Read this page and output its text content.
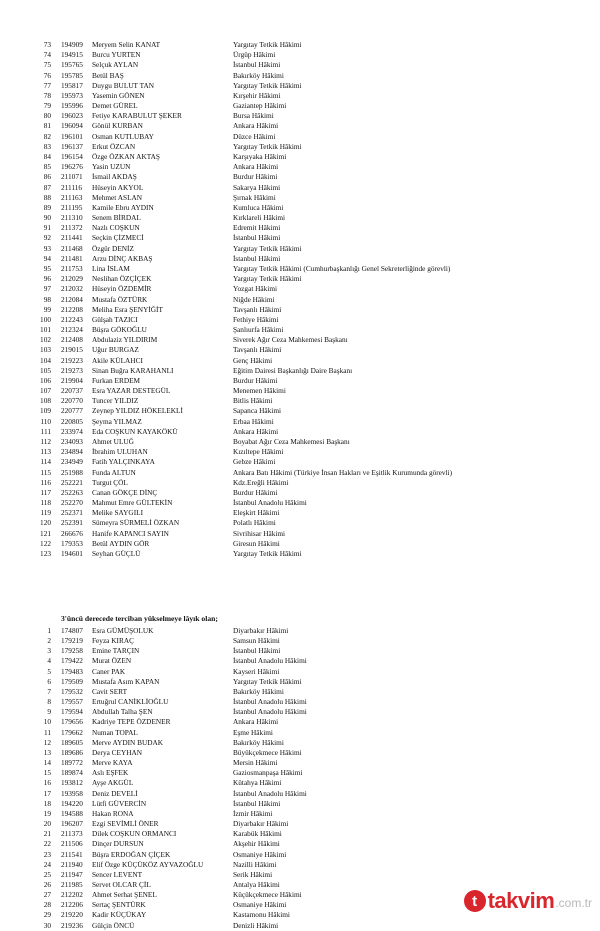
73 194909 Meryem Selin KANAT	Yargıtay Tetkik Hâkimi
74 194915 Burcu YURTEN	Ürgüp Hâkimi
75 195765 Selçuk AYLAN	İstanbul Hâkimi
76 195785 Betül BAŞ	Bakırköy Hâkimi
77 195817 Duygu BULUT TAN	Yargıtay Tetkik Hâkimi
78 195973 Yasemin GÖNEN	Kırşehir Hâkimi
79 195996 Demet GÜREL	Gaziantep Hâkimi
80 196023 Fetiye KARABULUT ŞEKER	Bursa Hâkimi
81 196094 Gönül KURBAN	Ankara Hâkimi
82 196101 Osman KUTLUBAY	Düzce Hâkimi
83 196137 Erkut ÖZCAN	Yargıtay Tetkik Hâkimi
84 196154 Özge ÖZKAN AKTAŞ	Karşıyaka Hâkimi
85 196276 Yasin UZUN	Ankara Hâkimi
86 211071 İsmail AKDAŞ	Burdur Hâkimi
87 211116 Hüseyin AKYOL	Sakarya Hâkimi
88 211163 Mehmet ASLAN	Şırnak Hâkimi
89 211195 Kamile Ebru AYDIN	Kumluca Hâkimi
90 211310 Senem BİRDAL	Kırklareli Hâkimi
91 211372 Nazlı COŞKUN	Edremit Hâkimi
92 211441 Seçkin ÇİZMECİ	İstanbul Hâkimi
93 211468 Özgür DENİZ	Yargıtay Tetkik Hâkimi
94 211481 Arzu DİNÇ AKBAŞ	İstanbul Hâkimi
95 211753 Lina İSLAM	Yargıtay Tetkik Hâkimi (Cumhurbaşkanlığı Genel Sekreterliğinde görevli)
96 212029 Neslihan ÖZÇİÇEK	Yargıtay Tetkik Hâkimi
97 212032 Hüseyin ÖZDEMİR	Yozgat Hâkimi
98 212084 Mustafa ÖZTÜRK	Niğde Hâkimi
99 212208 Meliha Esra ŞENYİĞİT	Tavşanlı Hâkimi
100 212243 Gülşah TAZICI	Fethiye Hâkimi
101 212324 Büşra GÖKOĞLU	Şanlıurfa Hâkimi
102 212408 Abdulaziz YILDIRIM	Siverek Ağır Ceza Mahkemesi Başkanı
103 219015 Uğur BURGAZ	Tavşanlı Hâkimi
104 219223 Akile KÜLAHCI	Genç Hâkimi
105 219273 Sinan Buğra KARAHANLI	Eğitim Dairesi Başkanlığı Daire Başkanı
106 219904 Furkan ERDEM	Burdur Hâkimi
107 220737 Esra YAZAR DESTEGÜL	Menemen Hâkimi
108 220770 Tuncer YILDIZ	Bitlis Hâkimi
109 220777 Zeynep YILDIZ HÖKELEKLİ	Sapanca Hâkimi
110 220805 Şeyma YILMAZ	Erbaa Hâkimi
111 233974 Eda COŞKUN KAYAKÖKÜ	Ankara Hâkimi
112 234093 Ahmet ULUĞ	Boyabat Ağır Ceza Mahkemesi Başkanı
113 234894 İbrahim ULUHAN	Kızıltepe Hâkimi
114 234949 Fatih YALÇINKAYA	Gebze Hâkimi
115 251988 Funda ALTUN	Ankara Batı Hâkimi (Türkiye İnsan Hakları ve Eşitlik Kurumunda görevli)
116 252221 Turgut ÇÖL	Kdz.Ereğli Hâkimi
117 252263 Canan GÖKÇE DİNÇ	Burdur Hâkimi
118 252270 Mahmut Emre GÜLTEKİN	İstanbul Anadolu Hâkimi
119 252371 Melike SAYGILI	Eleşkirt Hâkimi
120 252391 Sümeyra SÜRMELİ ÖZKAN	Polatlı Hâkimi
121 266676 Hanife KAPANCI SAYIN	Sivrihisar Hâkimi
122 179353 Betül AYDIN GÖR	Giresun Hâkimi
123 194601 Seyhan GÜÇLÜ	Yargıtay Tetkik Hâkimi
3'üncü derecede terciban yükselmeye lâyık olan;
1 174807 Esra GÜMÜŞOLUK	Diyarbakır Hâkimi
2 179219 Feyza KIRAÇ	Samsun Hâkimi
3 179258 Emine TARÇIN	İstanbul Hâkimi
4 179422 Murat ÖZEN	İstanbul Anadolu Hâkimi
5 179483 Caner PAK	Kayseri Hâkimi
6 179509 Mustafa Asım KAPAN	Yargıtay Tetkik Hâkimi
7 179532 Cavit SERT	Bakırköy Hâkimi
8 179557 Ertuğrul CANİKLİOĞLU	İstanbul Anadolu Hâkimi
9 179594 Abdullah Talha ŞEN	İstanbul Anadolu Hâkimi
10 179656 Kadriye TEPE ÖZDENER	Ankara Hâkimi
11 179662 Numan TOPAL	Eşme Hâkimi
12 189605 Merve AYDIN BUDAK	Bakırköy Hâkimi
13 189686 Derya CEYHAN	Büyükçekmece Hâkimi
14 189772 Merve KAYA	Mersin Hâkimi
15 189874 Aslı EŞFEK	Gaziosmanpaşa Hâkimi
16 193812 Ayşe AKGÜL	Kütahya Hâkimi
17 193958 Deniz DEVELİ	İstanbul Anadolu Hâkimi
18 194220 Lütfi GÜVERCİN	İstanbul Hâkimi
19 194588 Hakan RONA	İzmir Hâkimi
20 196207 Ezgi SEVİMLİ ÖNER	Diyarbakır Hâkimi
21 211373 Dilek COŞKUN ORMANCI	Karabük Hâkimi
22 211506 Dinçer DURSUN	Akşehir Hâkimi
23 211541 Büşra ERDOĞAN ÇİÇEK	Osmaniye Hâkimi
24 211940 Elif Özge KÜÇÜKÖZ AYVAZOĞLU	Nazilli Hâkimi
25 211947 Sencer LEVENT	Serik Hâkimi
26 211985 Servet OLCAR ÇİL	Antalya Hâkimi
27 212202 Ahmet Serhat ŞENEL	Küçükçekmece Hâkimi
28 212206 Sertaç ŞENTÜRK	Osmaniye Hâkimi
29 219220 Kadir KÜÇÜKAY	Kastamonu Hâkimi
30 219236 Gülçin ÖNCÜ	Denizli Hâkimi
t takvim .com.tr
